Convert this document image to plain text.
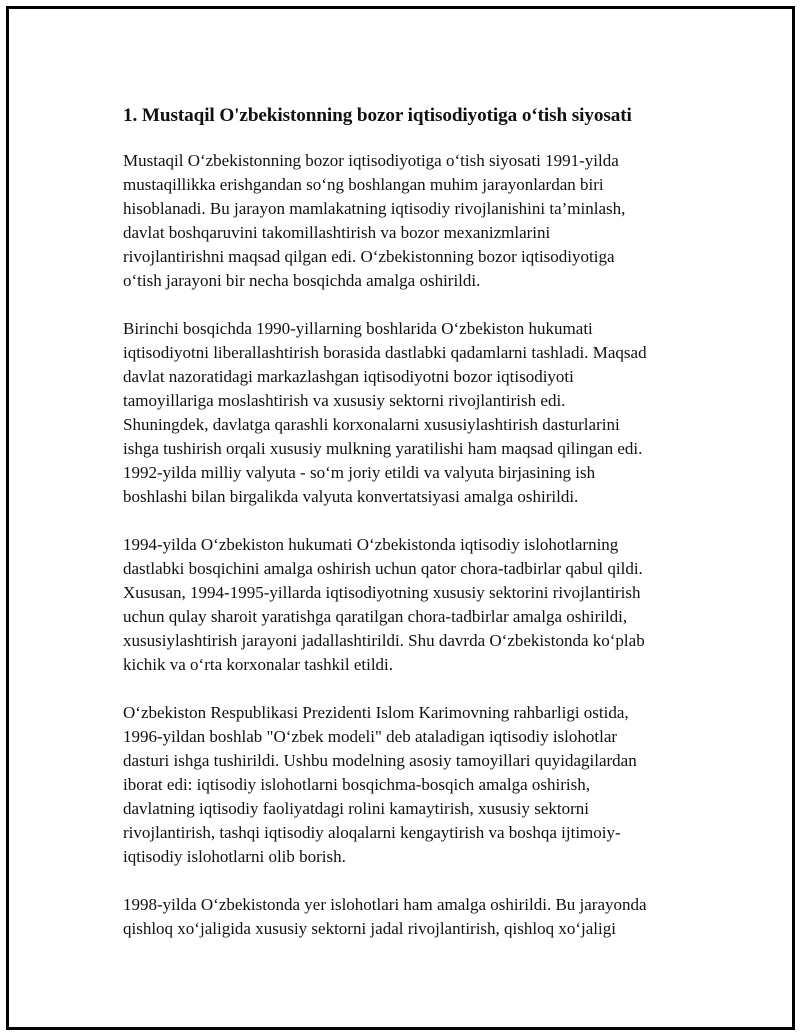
1. Mustaqil O'zbekistonning bozor iqtisodiyotiga o‘tish siyosati

Mustaqil O‘zbekistonning bozor iqtisodiyotiga o‘tish siyosati 1991-yilda
mustaqillikka erishgandan so‘ng boshlangan muhim jarayonlardan biri
hisoblanadi. Bu jarayon mamlakatning iqtisodiy rivojlanishini ta’minlash,
davlat boshqaruvini takomillashtirish va bozor mexanizmlarini
rivojlantirishni maqsad qilgan edi. O‘zbekistonning bozor iqtisodiyotiga
o‘tish jarayoni bir necha bosqichda amalga oshirildi.

Birinchi bosqichda 1990-yillarning boshlarida O‘zbekiston hukumati
iqtisodiyotni liberallashtirish borasida dastlabki qadamlarni tashladi. Maqsad
davlat nazoratidagi markazlashgan iqtisodiyotni bozor iqtisodiyoti
tamoyillariga moslashtirish va xususiy sektorni rivojlantirish edi.
Shuningdek, davlatga qarashli korxonalarni xususiylashtirish dasturlarini
ishga tushirish orqali xususiy mulkning yaratilishi ham maqsad qilingan edi.
1992-yilda milliy valyuta - so‘m joriy etildi va valyuta birjasining ish
boshlashi bilan birgalikda valyuta konvertatsiyasi amalga oshirildi.

1994-yilda O‘zbekiston hukumati O‘zbekistonda iqtisodiy islohotlarning
dastlabki bosqichini amalga oshirish uchun qator chora-tadbirlar qabul qildi.
Xususan, 1994-1995-yillarda iqtisodiyotning xususiy sektorini rivojlantirish
uchun qulay sharoit yaratishga qaratilgan chora-tadbirlar amalga oshirildi,
xususiylashtirish jarayoni jadallashtirildi. Shu davrda O‘zbekistonda ko‘plab
kichik va o‘rta korxonalar tashkil etildi.

O‘zbekiston Respublikasi Prezidenti Islom Karimovning rahbarligi ostida,
1996-yildan boshlab "O‘zbek modeli" deb ataladigan iqtisodiy islohotlar
dasturi ishga tushirildi. Ushbu modelning asosiy tamoyillari quyidagilardan
iborat edi: iqtisodiy islohotlarni bosqichma-bosqich amalga oshirish,
davlatning iqtisodiy faoliyatdagi rolini kamaytirish, xususiy sektorni
rivojlantirish, tashqi iqtisodiy aloqalarni kengaytirish va boshqa ijtimoiy-
iqtisodiy islohotlarni olib borish.

1998-yilda O‘zbekistonda yer islohotlari ham amalga oshirildi. Bu jarayonda
qishloq xo‘jaligida xususiy sektorni jadal rivojlantirish, qishloq xo‘jaligi
